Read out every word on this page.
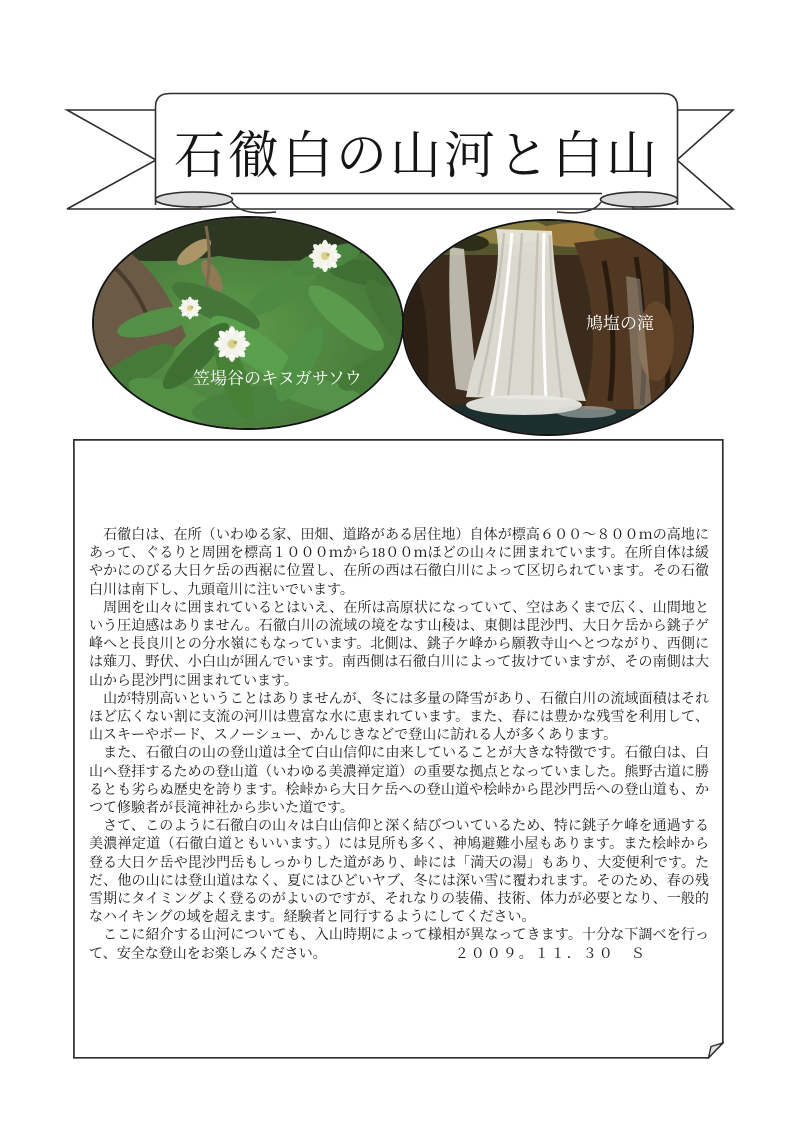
石徹白の山河と白山
笠場谷のキヌガサソウ
鳩塩の滝

　石徹白は、在所（いわゆる家、田畑、道路がある居住地）自体が標高６００～８００ｍの高地にあって、ぐるりと周囲を標高１０００ｍから18００ｍほどの山々に囲まれています。在所自体は緩やかにのびる大日ケ岳の西裾に位置し、在所の西は石徹白川によって区切られています。その石徹白川は南下し、九頭竜川に注いでいます。

　周囲を山々に囲まれているとはいえ、在所は高原状になっていて、空はあくまで広く、山間地という圧迫感はありません。石徹白川の流域の境をなす山稜は、東側は毘沙門、大日ケ岳から銚子ゲ峰へと長良川との分水嶺にもなっています。北側は、銚子ケ峰から願教寺山へとつながり、西側には薙刀、野伏、小白山が囲んでいます。南西側は石徹白川によって抜けていますが、その南側は大山から毘沙門に囲まれています。

　山が特別高いということはありませんが、冬には多量の降雪があり、石徹白川の流域面積はそれほど広くない割に支流の河川は豊富な水に恵まれています。また、春には豊かな残雪を利用して、山スキーやボード、スノーシュー、かんじきなどで登山に訪れる人が多くあります。

　また、石徹白の山の登山道は全て白山信仰に由来していることが大きな特徴です。石徹白は、白山へ登拝するための登山道（いわゆる美濃禅定道）の重要な拠点となっていました。熊野古道に勝るとも劣らぬ歴史を誇ります。桧峠から大日ケ岳への登山道や桧峠から毘沙門岳への登山道も、かつて修験者が長滝神社から歩いた道です。

　さて、このように石徹白の山々は白山信仰と深く結びついているため、特に銚子ケ峰を通過する美濃禅定道（石徹白道ともいいます。）には見所も多く、神鳩避難小屋もあります。また桧峠から登る大日ケ岳や毘沙門岳もしっかりした道があり、峠には「満天の湯」もあり、大変便利です。ただ、他の山には登山道はなく、夏にはひどいヤブ、冬には深い雪に覆われます。そのため、春の残雪期にタイミングよく登るのがよいのですが、それなりの装備、技術、体力が必要となり、一般的なハイキングの域を超えます。経験者と同行するようにしてください。

　ここに紹介する山河についても、入山時期によって様相が異なってきます。十分な下調べを行って、安全な登山をお楽しみください。	２００９。１１．３０　Ｓ
